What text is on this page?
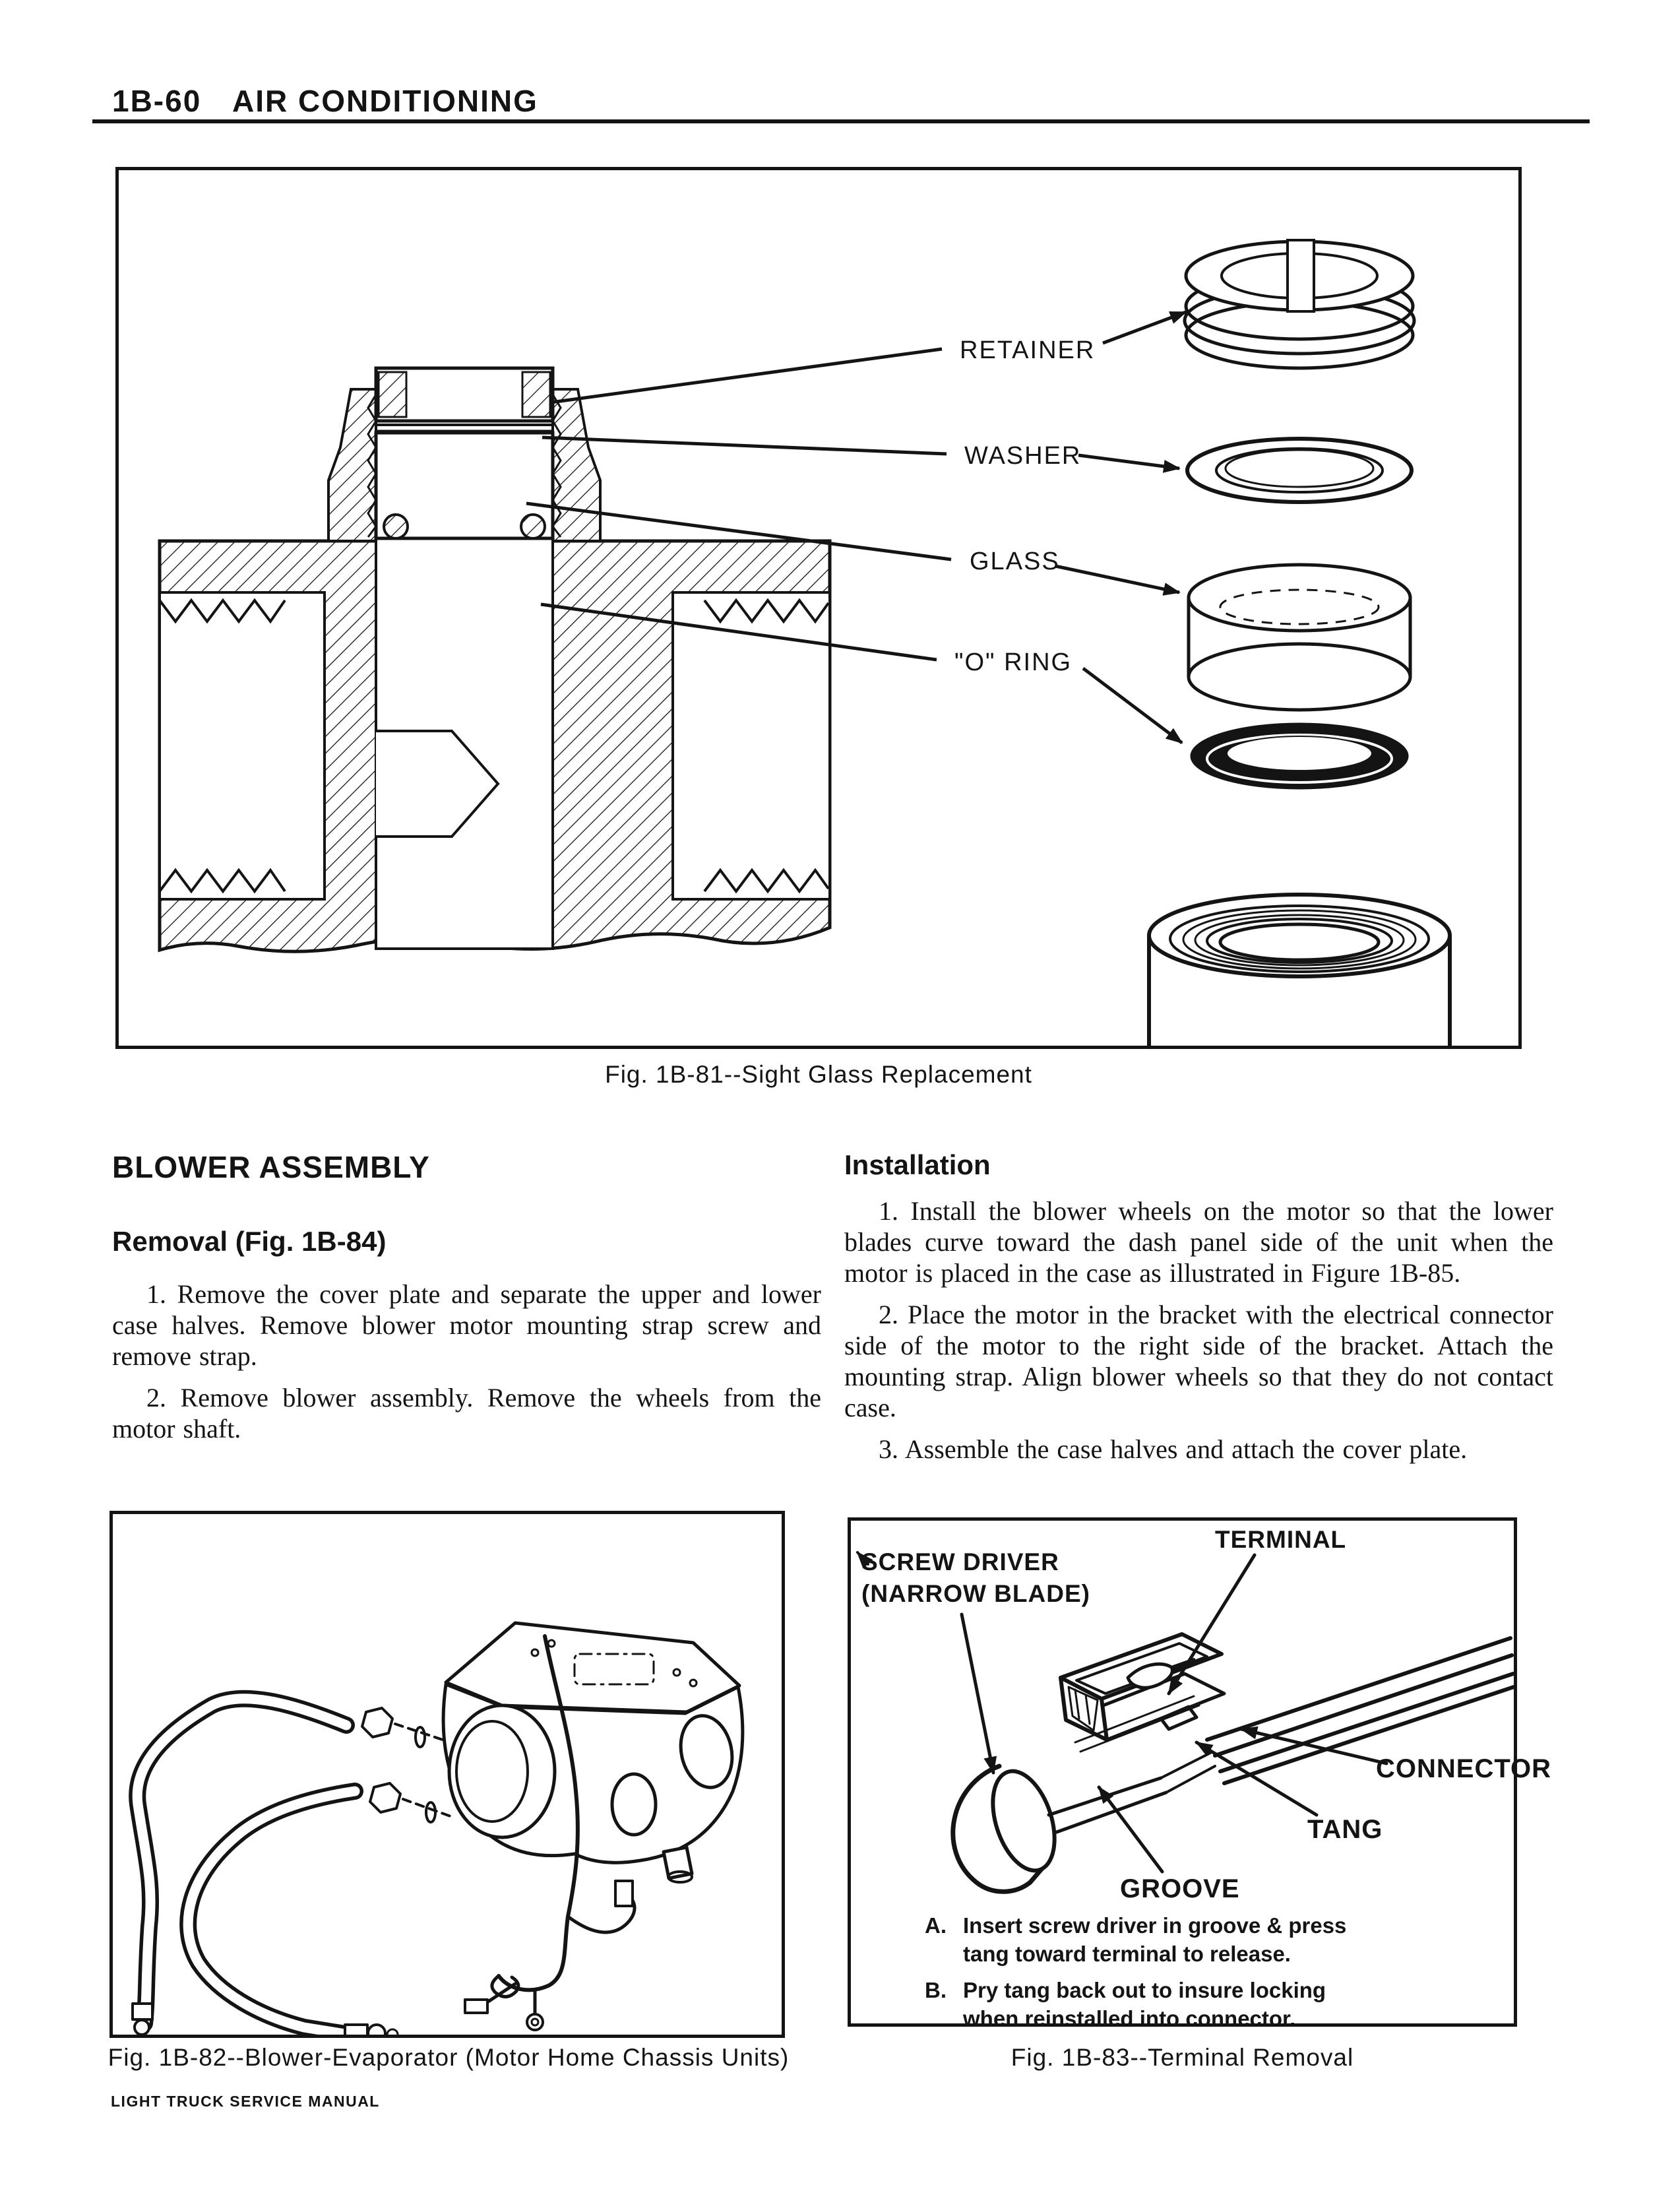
1B-60 AIR CONDITIONING
RETAINER
WASHER
GLASS
"O" RING
Fig. 1B-81--Sight Glass Replacement
BLOWER ASSEMBLY
Removal (Fig. 1B-84)

1. Remove the cover plate and separate the upper and lower case halves. Remove blower motor mounting strap screw and remove strap.

2. Remove blower assembly. Remove the wheels from the motor shaft.

Installation

1. Install the blower wheels on the motor so that the lower blades curve toward the dash panel side of the unit when the motor is placed in the case as illustrated in Figure 1B-85.

2. Place the motor in the bracket with the electrical connector side of the motor to the right side of the bracket. Attach the mounting strap. Align blower wheels so that they do not contact case.

3. Assemble the case halves and attach the cover plate.

Fig. 1B-82--Blower-Evaporator (Motor Home Chassis Units)
TERMINAL
SCREW DRIVER
(NARROW BLADE)
CONNECTOR
TANG
GROOVE
A. Insert screw driver in groove & press
tang toward terminal to release.
B. Pry tang back out to insure locking
when reinstalled into connector.
Fig. 1B-83--Terminal Removal
LIGHT TRUCK SERVICE MANUAL
